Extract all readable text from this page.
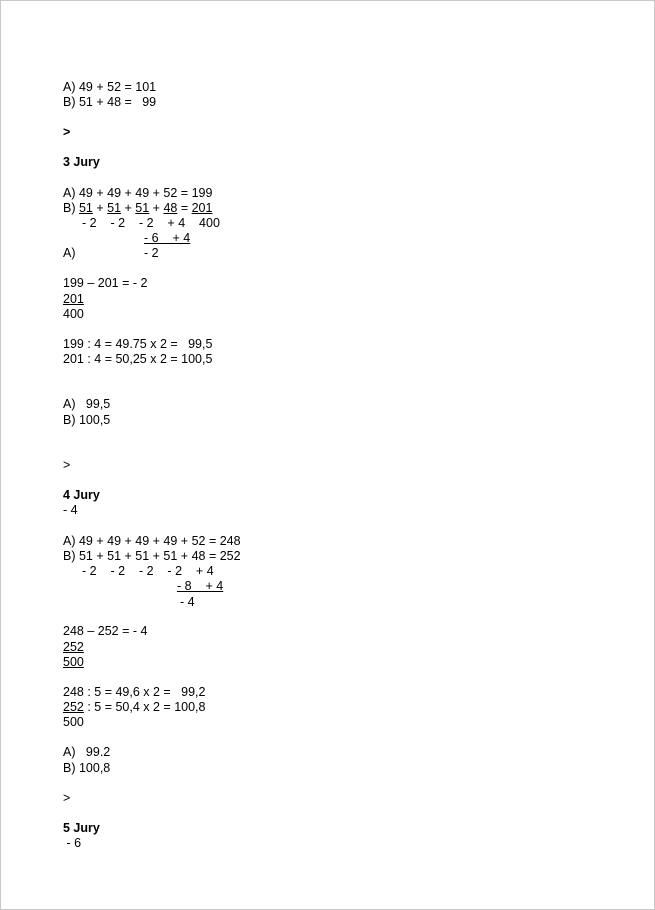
A) 49 + 52 = 101
B) 51 + 48 =   99
>
3 Jury
A) 49 + 49 + 49 + 52 = 199
B) 51 + 51 + 51 + 48 = 201
- 2    - 2    - 2    + 4    400
- 6    + 4
A)	- 2
199 – 201 = - 2
201
400
199 : 4 = 49.75 x 2 =   99,5
201 : 4 = 50,25 x 2 = 100,5
A)   99,5
B) 100,5
>
4 Jury
- 4
A) 49 + 49 + 49 + 49 + 52 = 248
B) 51 + 51 + 51 + 51 + 48 = 252
- 2    - 2    - 2    - 2    + 4
- 8    + 4
- 4
248 – 252 = - 4
252
500
248 : 5 = 49,6 x 2 =   99,2
252 : 5 = 50,4 x 2 = 100,8
500
A)   99.2
B) 100,8
>
5 Jury
- 6
